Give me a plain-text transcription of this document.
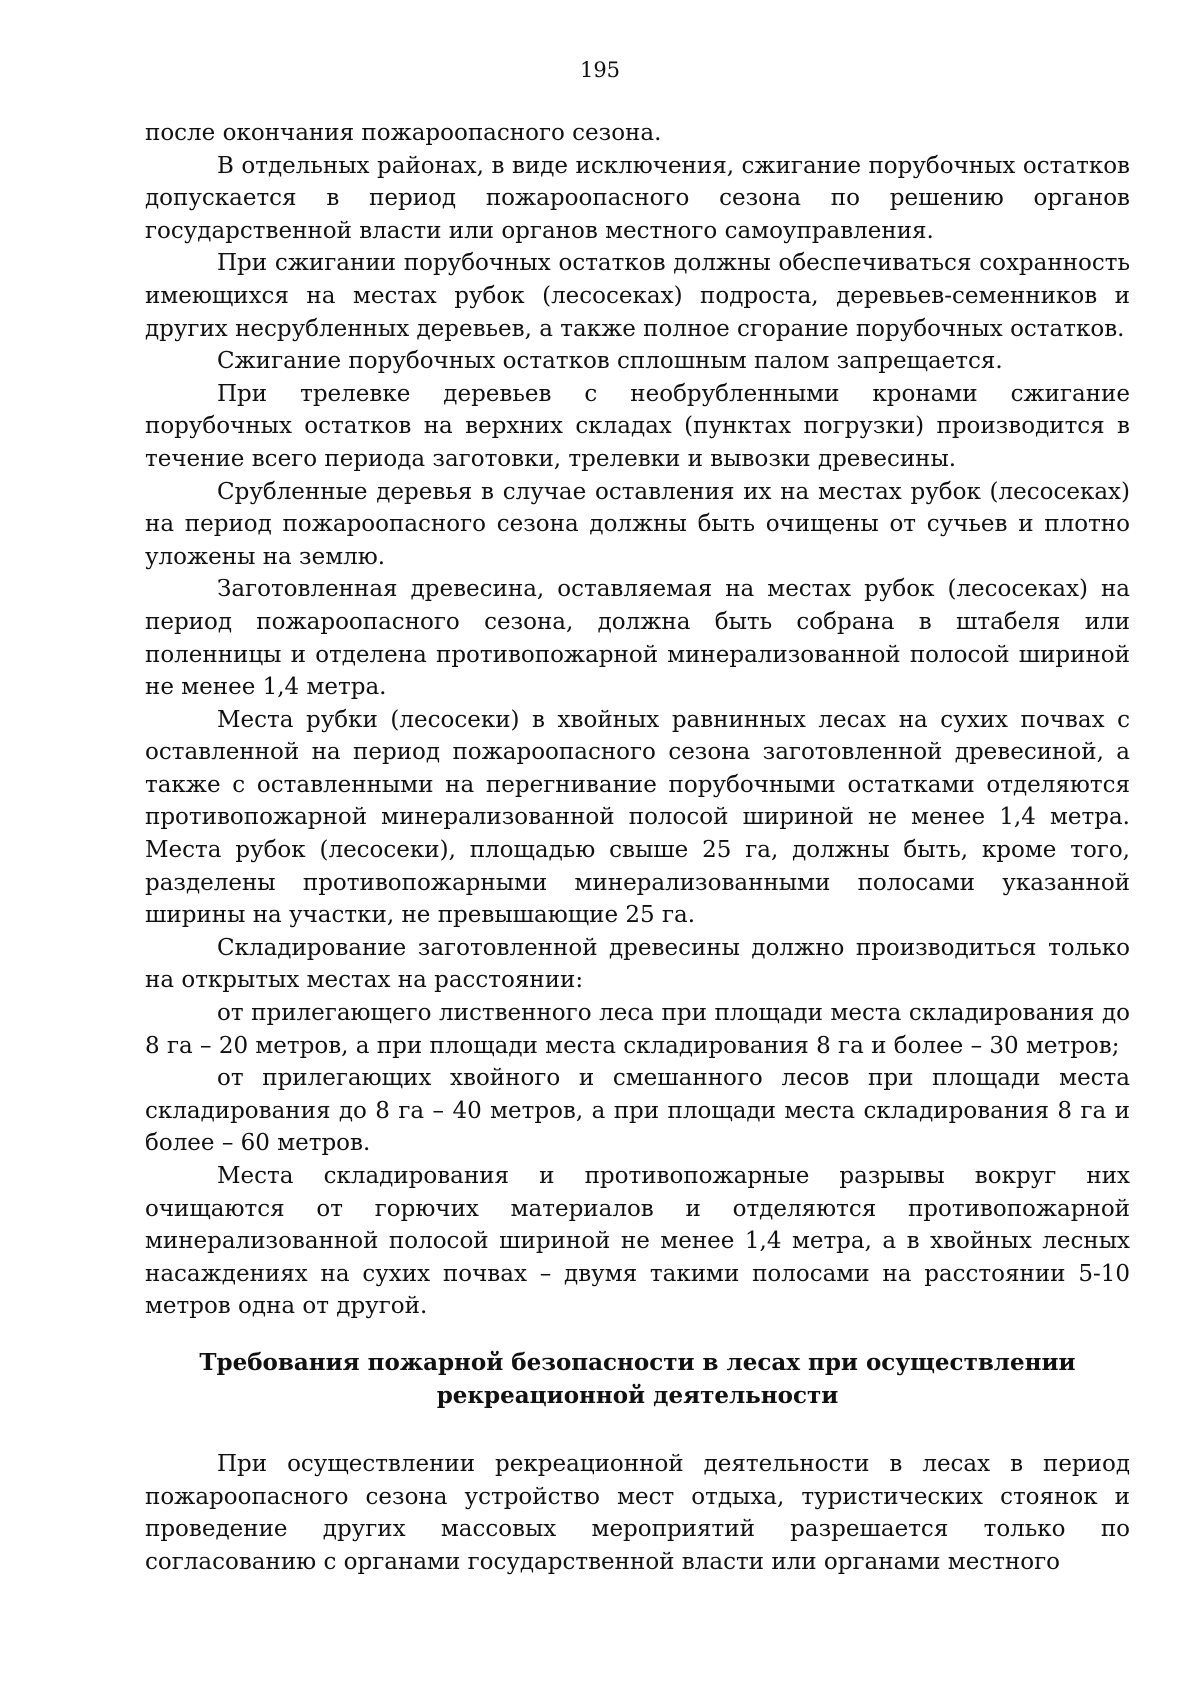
195

после окончания пожароопасного сезона.

В отдельных районах, в виде исключения, сжигание порубочных остатков допускается в период пожароопасного сезона по решению органов государственной власти или органов местного самоуправления.

При сжигании порубочных остатков должны обеспечиваться сохранность имеющихся на местах рубок (лесосеках) подроста, деревьев-семенников и других несрубленных деревьев, а также полное сгорание порубочных остатков.

Сжигание порубочных остатков сплошным палом запрещается.

При трелевке деревьев с необрубленными кронами сжигание порубочных остатков на верхних складах (пунктах погрузки) производится в течение всего периода заготовки, трелевки и вывозки древесины.

Срубленные деревья в случае оставления их на местах рубок (лесосеках) на период пожароопасного сезона должны быть очищены от сучьев и плотно уложены на землю.

Заготовленная древесина, оставляемая на местах рубок (лесосеках) на период пожароопасного сезона, должна быть собрана в штабеля или поленницы и отделена противопожарной минерализованной полосой шириной не менее 1,4 метра.

Места рубки (лесосеки) в хвойных равнинных лесах на сухих почвах с оставленной на период пожароопасного сезона заготовленной древесиной, а также с оставленными на перегнивание порубочными остатками отделяются противопожарной минерализованной полосой шириной не менее 1,4 метра. Места рубок (лесосеки), площадью свыше 25 га, должны быть, кроме того, разделены противопожарными минерализованными полосами указанной ширины на участки, не превышающие 25 га.

Складирование заготовленной древесины должно производиться только на открытых местах на расстоянии:

от прилегающего лиственного леса при площади места складирования до 8 га – 20 метров, а при площади места складирования 8 га и более – 30 метров;

от прилегающих хвойного и смешанного лесов при площади места складирования до 8 га – 40 метров, а при площади места складирования 8 га и более – 60 метров.

Места складирования и противопожарные разрывы вокруг них очищаются от горючих материалов и отделяются противопожарной минерализованной полосой шириной не менее 1,4 метра, а в хвойных лесных насаждениях на сухих почвах – двумя такими полосами на расстоянии 5-10 метров одна от другой.

Требования пожарной безопасности в лесах при осуществлении
рекреационной деятельности

При осуществлении рекреационной деятельности в лесах в период пожароопасного сезона устройство мест отдыха, туристических стоянок и проведение других массовых мероприятий разрешается только по согласованию с органами государственной власти или органами местного
